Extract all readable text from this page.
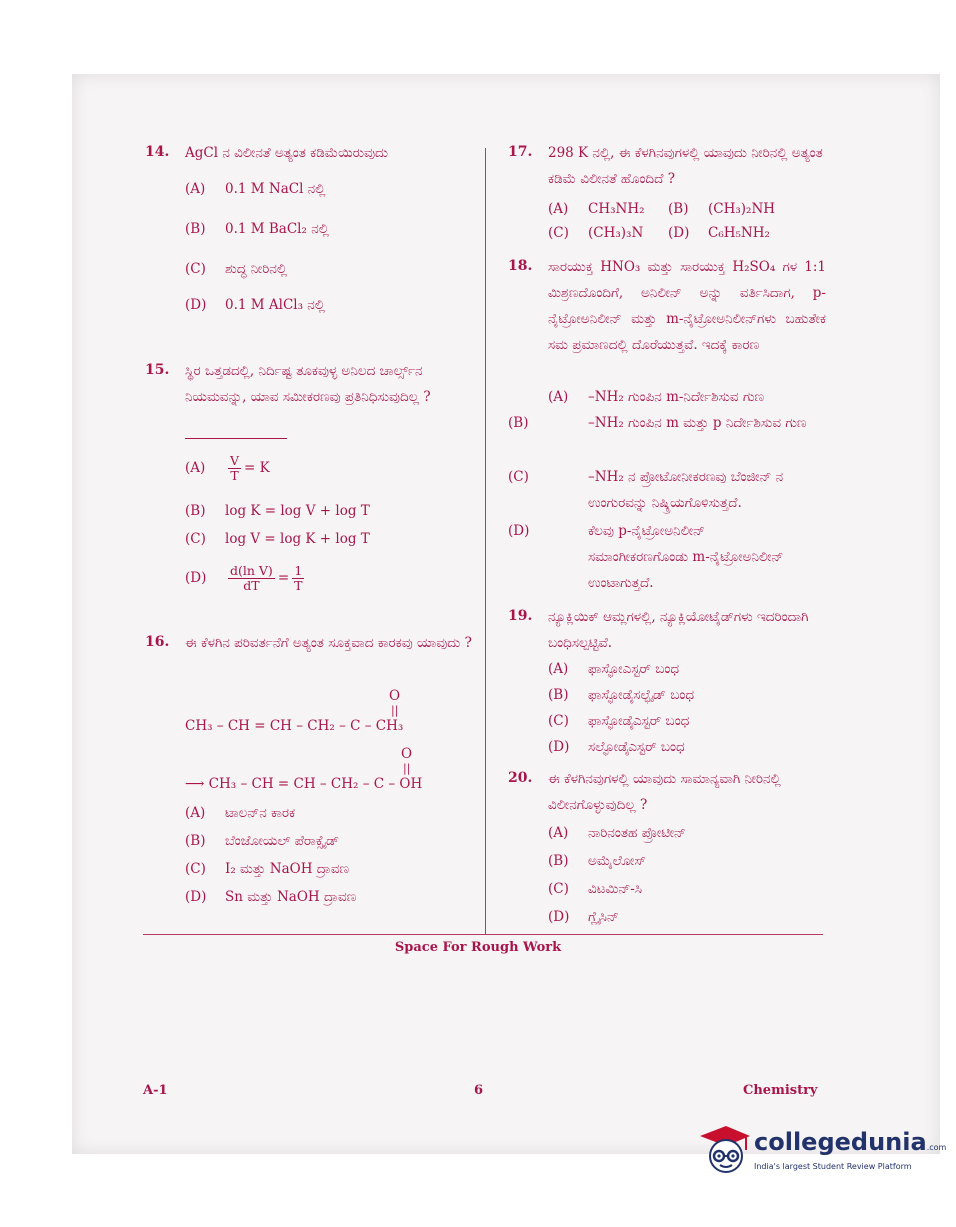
14. AgCl ನ ವಿಲೀನತೆ ಅತ್ಯಂತ ಕಡಿಮೆಯಿರುವುದು
(A) 0.1 M NaCl ನಲ್ಲಿ
(B) 0.1 M BaCl₂ ನಲ್ಲಿ
(C) ಶುದ್ಧ ನೀರಿನಲ್ಲಿ
(D) 0.1 M AlCl₃ ನಲ್ಲಿ
15. ಸ್ಥಿರ ಒತ್ತಡದಲ್ಲಿ, ನಿರ್ದಿಷ್ಟ ತೂಕವುಳ್ಳ ಅನಿಲದ ಚಾರ್ಲ್ಸ್‌ನ ನಿಯಮವನ್ನು, ಯಾವ ಸಮೀಕರಣವು ಪ್ರತಿನಿಧಿಸುವುದಿಲ್ಲ ?
$(A) \frac{V}{T} = K$
(B) log K = log V + log T
(C) log V = log K + log T
$(D) \frac{\text{d(ln V)}}{dT} = \frac{1}{T}$
16. ಈ ಕೆಳಗಿನ ಪರಿವರ್ತನೆಗೆ ಅತ್ಯಂತ ಸೂಕ್ತವಾದ ಕಾರಕವು ಯಾವುದು ?
O
||
CH₃ – CH = CH – CH₂ – C – CH₃
O
||
⟶ CH₃ – CH = CH – CH₂ – C – OH
(A) ಟಾಲನ್‌ನ ಕಾರಕ
(B) ಬೆಂಜೋಯಲ್ ಪೆರಾಕ್ಸೈಡ್
(C) I₂ ಮತ್ತು NaOH ದ್ರಾವಣ
(D) Sn ಮತ್ತು NaOH ದ್ರಾವಣ
17. 298 K ನಲ್ಲಿ, ಈ ಕೆಳಗಿನವುಗಳಲ್ಲಿ ಯಾವುದು ನೀರಿನಲ್ಲಿ ಅತ್ಯಂತ ಕಡಿಮೆ ವಿಲೀನತೆ ಹೊಂದಿದೆ ?
(A) CH₃NH₂	(B) (CH₃)₂NH
(C) (CH₃)₃N	(D) C₆H₅NH₂
18. ಸಾರಯುಕ್ತ HNO₃ ಮತ್ತು ಸಾರಯುಕ್ತ H₂SO₄ ಗಳ 1:1 ಮಿಶ್ರಣದೊಂದಿಗೆ, ಅನಿಲೀನ್ ಅನ್ನು ವರ್ತಿಸಿದಾಗ, p-ನೈಟ್ರೋಅನಿಲೀನ್ ಮತ್ತು m-ನೈಟ್ರೋಅನಿಲೀನ್‌ಗಳು ಬಹುತೇಕ ಸಮ ಪ್ರಮಾಣದಲ್ಲಿ ದೊರೆಯುತ್ತವೆ. ಇದಕ್ಕೆ ಕಾರಣ
(A) –NH₂ ಗುಂಪಿನ m-ನಿರ್ದೇಶಿಸುವ ಗುಣ
(B)	–NH₂ ಗುಂಪಿನ m ಮತ್ತು p ನಿರ್ದೇಶಿಸುವ ಗುಣ
(C)	–NH₂ ನ ಪ್ರೋಟೋನೀಕರಣವು ಬೆಂಜೀನ್ ನ ಉಂಗುರವನ್ನು ನಿಷ್ಕ್ರಿಯಗೊಳಿಸುತ್ತದೆ.
(D)	ಕೆಲವು p-ನೈಟ್ರೋಅನಿಲೀನ್ ಸಮಾಂಗೀಕರಣಗೊಂಡು m-ನೈಟ್ರೋಅನಿಲೀನ್ ಉಂಟಾಗುತ್ತದೆ.
19. ನ್ಯೂಕ್ಲಿಯಿಕ್ ಆಮ್ಲಗಳಲ್ಲಿ, ನ್ಯೂಕ್ಲಿಯೋಟೈಡ್‌ಗಳು ಇದರಿಂದಾಗಿ ಬಂಧಿಸಲ್ಪಟ್ಟಿವೆ.
(A) ಫಾಸ್ಫೋಎಸ್ಟರ್ ಬಂಧ
(B) ಫಾಸ್ಫೋಡೈಸಲ್ಫೈಡ್ ಬಂಧ
(C) ಫಾಸ್ಫೋಡೈಎಸ್ಟರ್ ಬಂಧ
(D) ಸಲ್ಫೋಡೈಎಸ್ಟರ್ ಬಂಧ
20. ಈ ಕೆಳಗಿನವುಗಳಲ್ಲಿ ಯಾವುದು ಸಾಮಾನ್ಯವಾಗಿ ನೀರಿನಲ್ಲಿ ವಿಲೀನಗೊಳ್ಳುವುದಿಲ್ಲ ?
(A) ನಾರಿನಂತಹ ಪ್ರೋಟೀನ್
(B) ಅಮೈಲೋಸ್
(C) ವಿಟಮಿನ್-ಸಿ
(D) ಗ್ಲೈಸಿನ್
Space For Rough Work
A-1	6	Chemistry
collegedunia.com
India's largest Student Review Platform
